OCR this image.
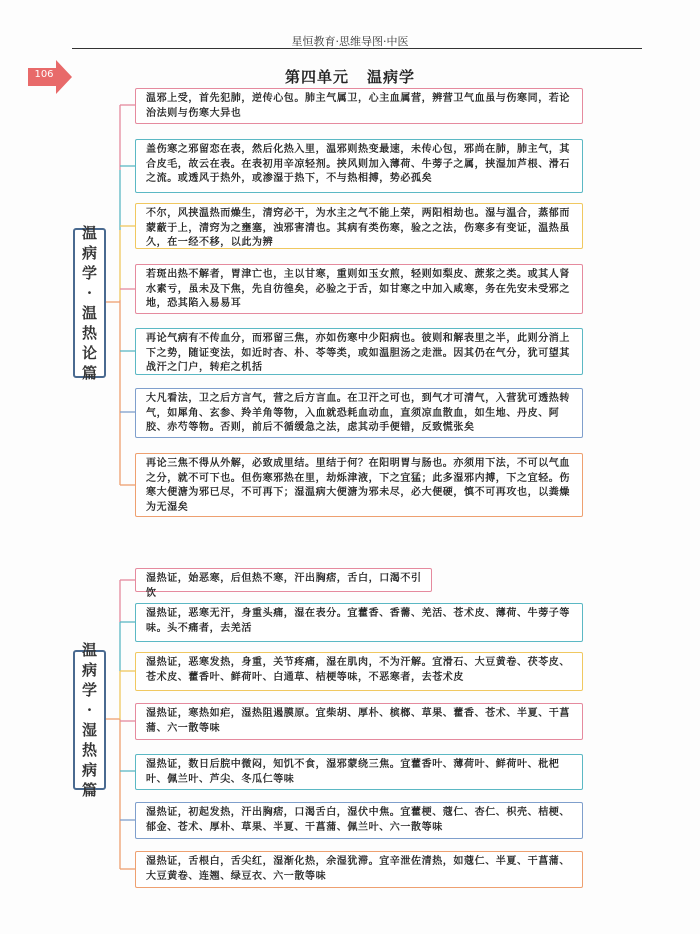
星恒教育·思维导图·中医
106	第四单元 温病学
温
病
学
·
温
热
论
篇
温邪上受，首先犯肺，逆传心包。肺主气属卫，心主血属营，辨营卫气血虽与伤寒同，若论治法则与伤寒大异也
盖伤寒之邪留恋在表，然后化热入里，温邪则热变最速，未传心包，邪尚在肺，肺主气，其合皮毛，故云在表。在表初用辛凉轻剂。挟风则加入薄荷、牛蒡子之属，挟湿加芦根、滑石之流。或透风于热外，或渗湿于热下，不与热相搏，势必孤矣
不尔，风挟温热而燥生，清窍必干，为水主之气不能上荣，两阳相劫也。湿与温合，蒸郁而蒙蔽于上，清窍为之壅塞，浊邪害清也。其病有类伤寒，验之之法，伤寒多有变证，温热虽久，在一经不移，以此为辨
若斑出热不解者，胃津亡也，主以甘寒，重则如玉女煎，轻则如梨皮、蔗浆之类。或其人肾水素亏，虽未及下焦，先自彷徨矣，必验之于舌，如甘寒之中加入咸寒，务在先安未受邪之地，恐其陷入易易耳
再论气病有不传血分，而邪留三焦，亦如伤寒中少阳病也。彼则和解表里之半，此则分消上下之势，随证变法，如近时杏、朴、苓等类，或如温胆汤之走泄。因其仍在气分，犹可望其战汗之门户，转疟之机括
大凡看法，卫之后方言气，营之后方言血。在卫汗之可也，到气才可清气，入营犹可透热转气，如犀角、玄参、羚羊角等物，入血就恐耗血动血，直须凉血散血，如生地、丹皮、阿胶、赤芍等物。否则，前后不循缓急之法，虑其动手便错，反致慌张矣
再论三焦不得从外解，必致成里结。里结于何？在阳明胃与肠也。亦须用下法，不可以气血之分，就不可下也。但伤寒邪热在里，劫烁津液，下之宜猛；此多湿邪内搏，下之宜轻。伤寒大便溏为邪已尽，不可再下；湿温病大便溏为邪未尽，必大便硬，慎不可再攻也，以粪燥为无湿矣
温
病
学
·
湿
热
病
篇
湿热证，始恶寒，后但热不寒，汗出胸痞，舌白，口渴不引饮
湿热证，恶寒无汗，身重头痛，湿在表分。宜藿香、香薷、羌活、苍术皮、薄荷、牛蒡子等味。头不痛者，去羌活
湿热证，恶寒发热，身重，关节疼痛，湿在肌肉，不为汗解。宜滑石、大豆黄卷、茯苓皮、苍术皮、藿香叶、鲜荷叶、白通草、桔梗等味，不恶寒者，去苍术皮
湿热证，寒热如疟，湿热阻遏膜原。宜柴胡、厚朴、槟榔、草果、藿香、苍术、半夏、干菖蒲、六一散等味
湿热证，数日后脘中微闷，知饥不食，湿邪蒙绕三焦。宜藿香叶、薄荷叶、鲜荷叶、枇杷叶、佩兰叶、芦尖、冬瓜仁等味
湿热证，初起发热，汗出胸痞，口渴舌白，湿伏中焦。宜藿梗、蔻仁、杏仁、枳壳、桔梗、郁金、苍术、厚朴、草果、半夏、干菖蒲、佩兰叶、六一散等味
湿热证，舌根白，舌尖红，湿渐化热，余湿犹滞。宜辛泄佐清热，如蔻仁、半夏、干菖蒲、大豆黄卷、连翘、绿豆衣、六一散等味
